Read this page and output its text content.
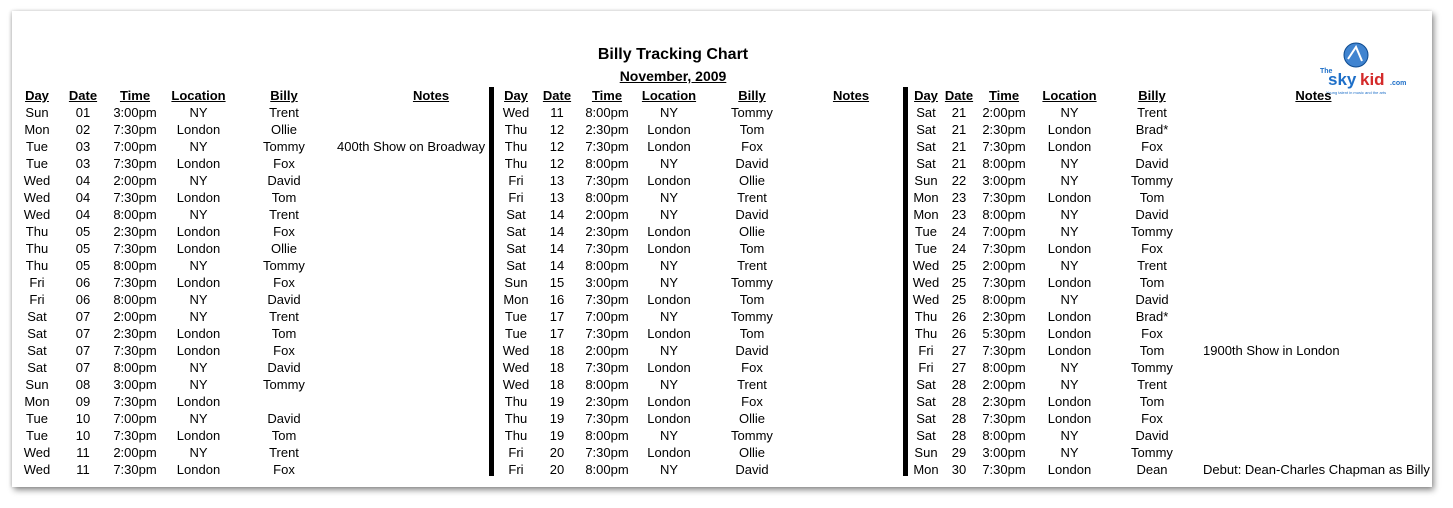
Billy Tracking Chart
November, 2009	The
sky kid .com
Young talent in music and the arts
Day	Date	Time	Location	Billy	Notes
Sun	01	3:00pm	NY	Trent	
Mon	02	7:30pm	London	Ollie	
Tue	03	7:00pm	NY	Tommy	400th Show on Broadway
Tue	03	7:30pm	London	Fox	
Wed	04	2:00pm	NY	David	
Wed	04	7:30pm	London	Tom	
Wed	04	8:00pm	NY	Trent	
Thu	05	2:30pm	London	Fox	
Thu	05	7:30pm	London	Ollie	
Thu	05	8:00pm	NY	Tommy	
Fri	06	7:30pm	London	Fox	
Fri	06	8:00pm	NY	David	
Sat	07	2:00pm	NY	Trent	
Sat	07	2:30pm	London	Tom	
Sat	07	7:30pm	London	Fox	
Sat	07	8:00pm	NY	David	
Sun	08	3:00pm	NY	Tommy	
Mon	09	7:30pm	London		
Tue	10	7:00pm	NY	David	
Tue	10	7:30pm	London	Tom	
Wed	11	2:00pm	NY	Trent	
Wed	11	7:30pm	London	Fox	
Day	Date	Time	Location	Billy	Notes
Wed	11	8:00pm	NY	Tommy	
Thu	12	2:30pm	London	Tom	
Thu	12	7:30pm	London	Fox	
Thu	12	8:00pm	NY	David	
Fri	13	7:30pm	London	Ollie	
Fri	13	8:00pm	NY	Trent	
Sat	14	2:00pm	NY	David	
Sat	14	2:30pm	London	Ollie	
Sat	14	7:30pm	London	Tom	
Sat	14	8:00pm	NY	Trent	
Sun	15	3:00pm	NY	Tommy	
Mon	16	7:30pm	London	Tom	
Tue	17	7:00pm	NY	Tommy	
Tue	17	7:30pm	London	Tom	
Wed	18	2:00pm	NY	David	
Wed	18	7:30pm	London	Fox	
Wed	18	8:00pm	NY	Trent	
Thu	19	2:30pm	London	Fox	
Thu	19	7:30pm	London	Ollie	
Thu	19	8:00pm	NY	Tommy	
Fri	20	7:30pm	London	Ollie	
Fri	20	8:00pm	NY	David	
Day	Date	Time	Location	Billy	Notes
Sat	21	2:00pm	NY	Trent	
Sat	21	2:30pm	London	Brad*	
Sat	21	7:30pm	London	Fox	
Sat	21	8:00pm	NY	David	
Sun	22	3:00pm	NY	Tommy	
Mon	23	7:30pm	London	Tom	
Mon	23	8:00pm	NY	David	
Tue	24	7:00pm	NY	Tommy	
Tue	24	7:30pm	London	Fox	
Wed	25	2:00pm	NY	Trent	
Wed	25	7:30pm	London	Tom	
Wed	25	8:00pm	NY	David	
Thu	26	2:30pm	London	Brad*	
Thu	26	5:30pm	London	Fox	
Fri	27	7:30pm	London	Tom	1900th Show in London
Fri	27	8:00pm	NY	Tommy	
Sat	28	2:00pm	NY	Trent	
Sat	28	2:30pm	London	Tom	
Sat	28	7:30pm	London	Fox	
Sat	28	8:00pm	NY	David	
Sun	29	3:00pm	NY	Tommy	
Mon	30	7:30pm	London	Dean	Debut: Dean-Charles Chapman as Billy
